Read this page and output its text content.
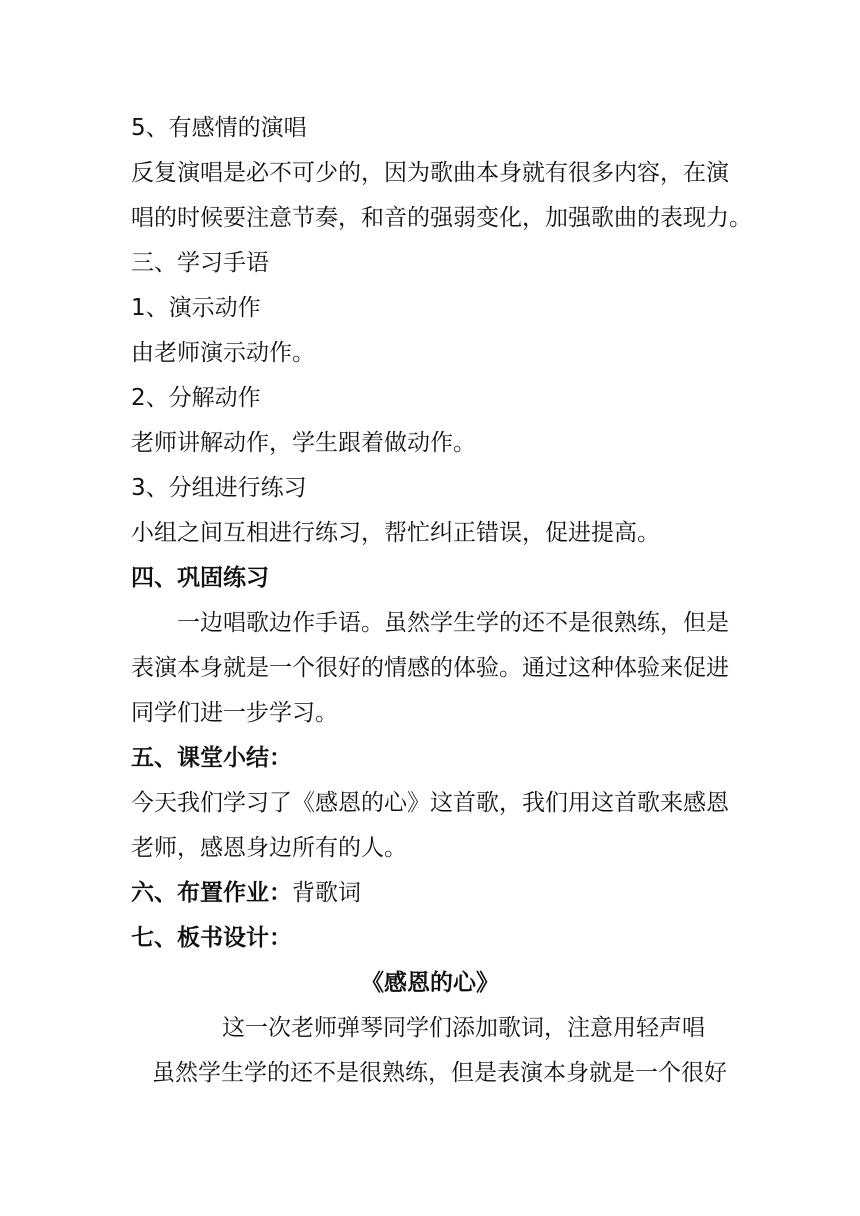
5、有感情的演唱
反复演唱是必不可少的，因为歌曲本身就有很多内容，在演
唱的时候要注意节奏，和音的强弱变化，加强歌曲的表现力。
三、学习手语
1、演示动作
由老师演示动作。
2、分解动作
老师讲解动作，学生跟着做动作。
3、分组进行练习
小组之间互相进行练习，帮忙纠正错误，促进提高。
四、巩固练习
一边唱歌边作手语。虽然学生学的还不是很熟练，但是
表演本身就是一个很好的情感的体验。通过这种体验来促进
同学们进一步学习。
五、课堂小结：
今天我们学习了《感恩的心》这首歌，我们用这首歌来感恩
老师，感恩身边所有的人。
六、布置作业：背歌词
七、板书设计：
《感恩的心》
这一次老师弹琴同学们添加歌词，注意用轻声唱
虽然学生学的还不是很熟练，但是表演本身就是一个很好
